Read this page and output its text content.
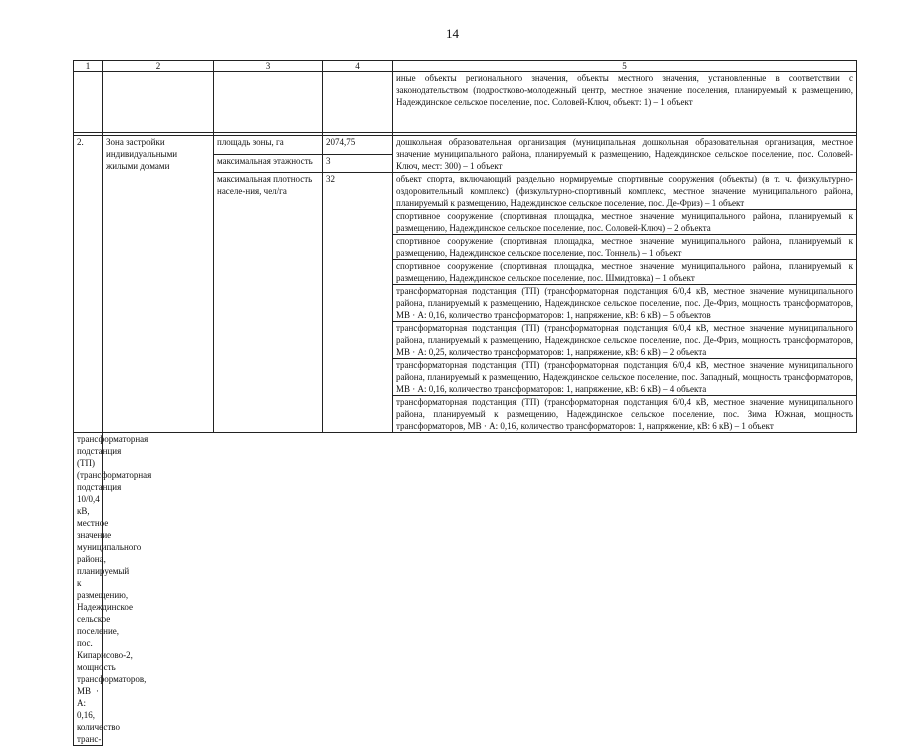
14
1	2	3	4	5
				иные объекты регионального значения, объекты местного значения, установленные в соответствии с законодательством (подростково-молодежный центр, местное значение поселения, планируемый к размещению, Надеждинское сельское поселение, пос. Соловей-Ключ, объект: 1) – 1 объект

2.	Зона застройки индивидуальными жилыми домами	площадь зоны, га	2074,75	дошкольная образовательная организация (муниципальная дошкольная образовательная организация, местное значение муниципального района, планируемый к размещению, Надеждинское сельское поселение, пос. Соловей-Ключ, мест: 300) – 1 объект
		максимальная этажность	3	
		максимальная плотность населе-ния, чел/га	32	объект спорта, включающий раздельно нормируемые спортивные сооружения (объекты) (в т. ч. физкультурно-оздоровительный комплекс) (физкультурно-спортивный комплекс, местное значение муниципального района, планируемый к размещению, Надеждинское сельское поселение, пос. Де-Фриз) – 1 объект
				спортивное сооружение (спортивная площадка, местное значение муниципального района, планируемый к размещению, Надеждинское сельское поселение, пос. Соловей-Ключ) – 2 объекта
				спортивное сооружение (спортивная площадка, местное значение муниципального района, планируемый к размещению, Надеждинское сельское поселение, пос. Тоннель) – 1 объект
				спортивное сооружение (спортивная площадка, местное значение муниципального района, планируемый к размещению, Надеждинское сельское поселение, пос. Шмидтовка) – 1 объект
				трансформаторная подстанция (ТП) (трансформаторная подстанция 6/0,4 кВ, местное значение муниципального района, планируемый к размещению, Надеждинское сельское поселение, пос. Де-Фриз, мощность трансформаторов, МВ · А: 0,16, количество трансформаторов: 1, напряжение, кВ: 6 кВ) – 5 объектов
				трансформаторная подстанция (ТП) (трансформаторная подстанция 6/0,4 кВ, местное значение муниципального района, планируемый к размещению, Надеждинское сельское поселение, пос. Де-Фриз, мощность трансформаторов, МВ · А: 0,25, количество трансформаторов: 1, напряжение, кВ: 6 кВ) – 2 объекта
				трансформаторная подстанция (ТП) (трансформаторная подстанция 6/0,4 кВ, местное значение муниципального района, планируемый к размещению, Надеждинское сельское поселение, пос. Западный, мощность трансформаторов, МВ · А: 0,16, количество трансформаторов: 1, напряжение, кВ: 6 кВ) – 4 объекта
				трансформаторная подстанция (ТП) (трансформаторная подстанция 6/0,4 кВ, местное значение муниципального района, планируемый к размещению, Надеждинское сельское поселение, пос. Зима Южная, мощность трансформаторов, МВ · А: 0,16, количество трансформаторов: 1, напряжение, кВ: 6 кВ) – 1 объект
трансформаторная подстанция (ТП) (трансформаторная подстанция 10/0,4 кВ, местное значение муниципального района, планируемый к размещению, Надеждинское сельское поселение, пос. Кипарисово-2, мощность трансформаторов, МВ · А: 0,16, количество транс-				
